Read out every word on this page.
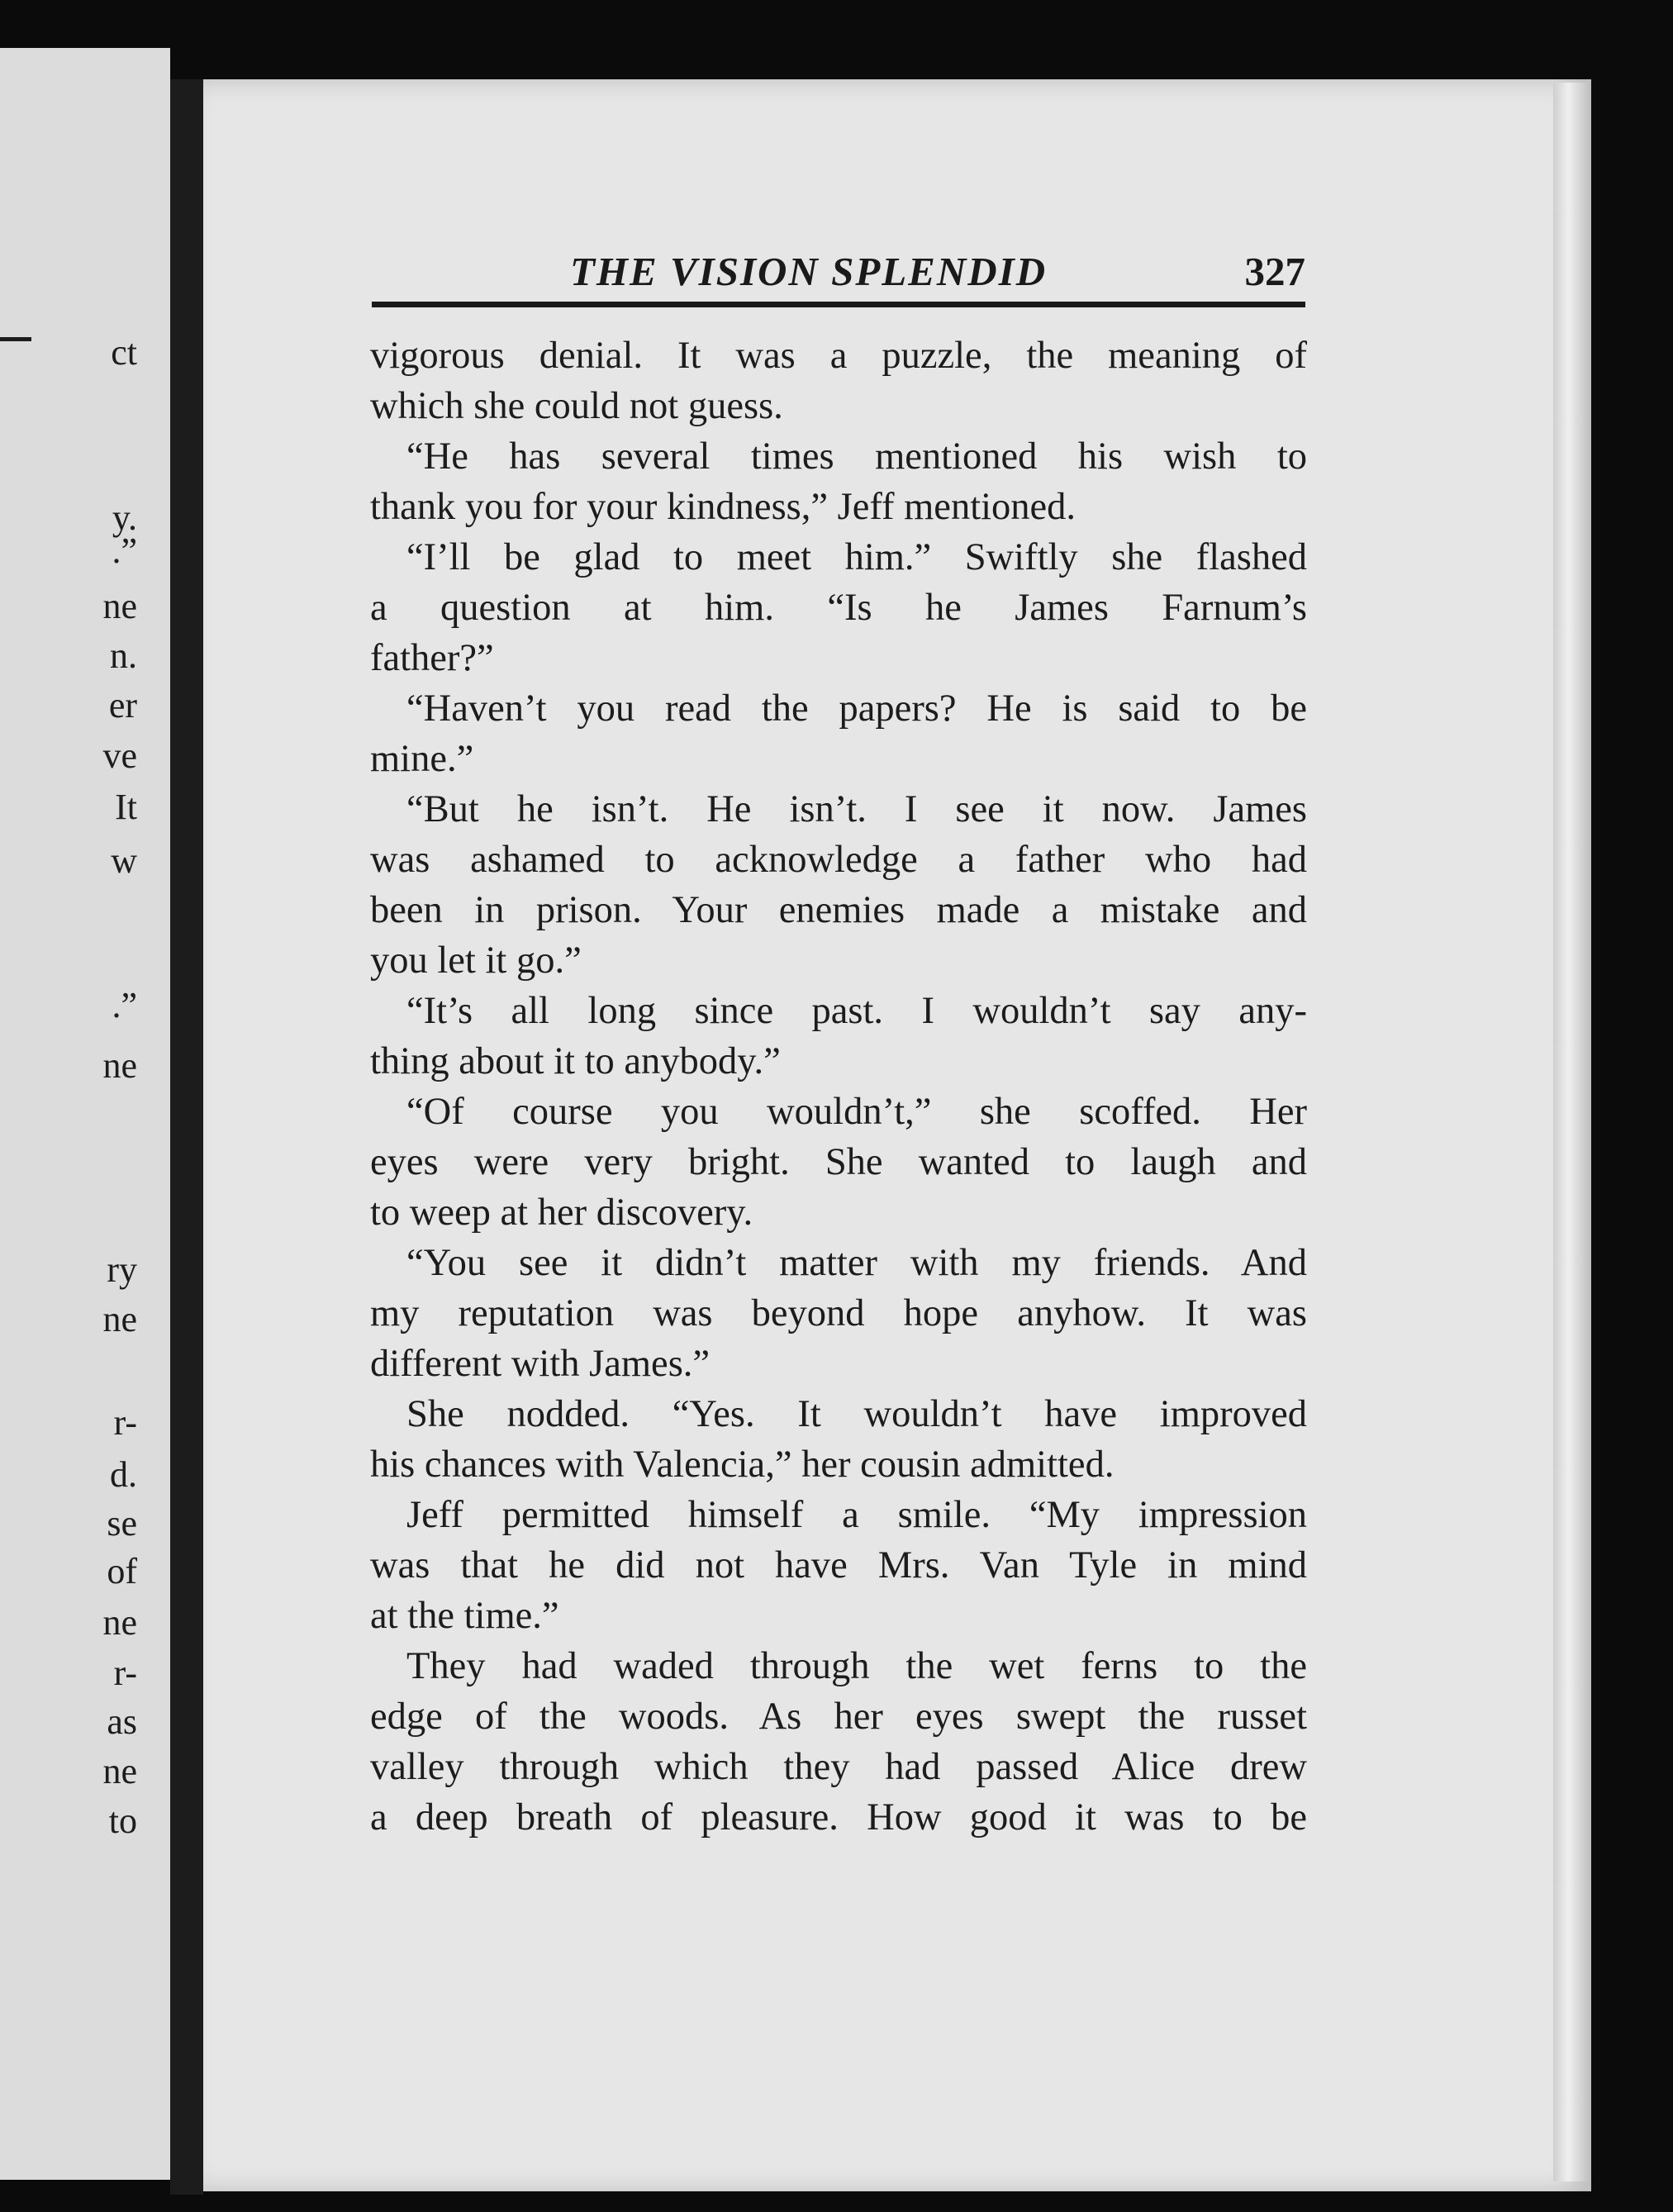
ct
y.
.”
ne
n.
er
ve
It
w
.”
ne
ry
ne
r-
d.
se
of
ne
r-
as
ne
to
THE VISION SPLENDID	327
vigorous denial. It was a puzzle, the meaning of
which she could not guess.
“He has several times mentioned his wish to
thank you for your kindness,” Jeff mentioned.
“I’ll be glad to meet him.” Swiftly she flashed
a question at him. “Is he James Farnum’s
father?”
“Haven’t you read the papers? He is said to be
mine.”
“But he isn’t. He isn’t. I see it now. James
was ashamed to acknowledge a father who had
been in prison. Your enemies made a mistake and
you let it go.”
“It’s all long since past. I wouldn’t say any-
thing about it to anybody.”
“Of course you wouldn’t,” she scoffed. Her
eyes were very bright. She wanted to laugh and
to weep at her discovery.
“You see it didn’t matter with my friends. And
my reputation was beyond hope anyhow. It was
different with James.”
She nodded. “Yes. It wouldn’t have improved
his chances with Valencia,” her cousin admitted.
Jeff permitted himself a smile. “My impression
was that he did not have Mrs. Van Tyle in mind
at the time.”
They had waded through the wet ferns to the
edge of the woods. As her eyes swept the russet
valley through which they had passed Alice drew
a deep breath of pleasure. How good it was to be
